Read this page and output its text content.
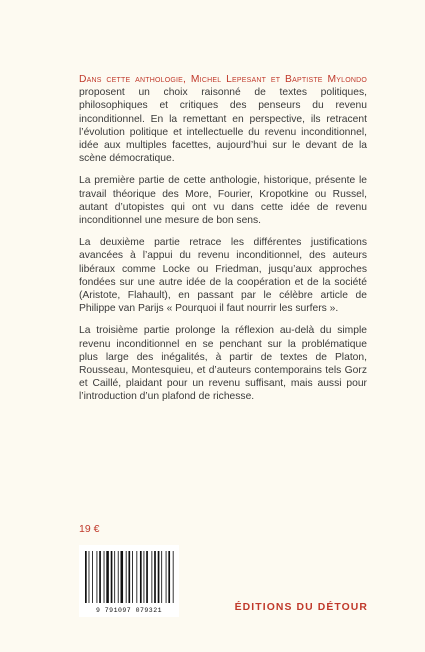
Dans cette anthologie, Michel Lepesant et Baptiste Mylondo proposent un choix raisonné de textes politiques, philosophiques et critiques des penseurs du revenu inconditionnel. En la remettant en perspective, ils retracent l’évolution politique et intellectuelle du revenu inconditionnel, idée aux multiples facettes, aujourd’hui sur le devant de la scène démocratique.

La première partie de cette anthologie, historique, présente le travail théorique des More, Fourier, Kropotkine ou Russel, autant d’utopistes qui ont vu dans cette idée de revenu inconditionnel une mesure de bon sens.

La deuxième partie retrace les différentes justifications avancées à l’appui du revenu inconditionnel, des auteurs libéraux comme Locke ou Friedman, jusqu’aux approches fondées sur une autre idée de la coopération et de la société (Aristote, Flahault), en passant par le célèbre article de Philippe van Parijs « Pourquoi il faut nourrir les surfers ».

La troisième partie prolonge la réflexion au-delà du simple revenu inconditionnel en se penchant sur la problématique plus large des inégalités, à partir de textes de Platon, Rousseau, Montesquieu, et d’auteurs contemporains tels Gorz et Caillé, plaidant pour un revenu suffisant, mais aussi pour l’introduction d’un plafond de richesse.

19 €
9 791097 079321	ÉDITIONS DU DÉTOUR
